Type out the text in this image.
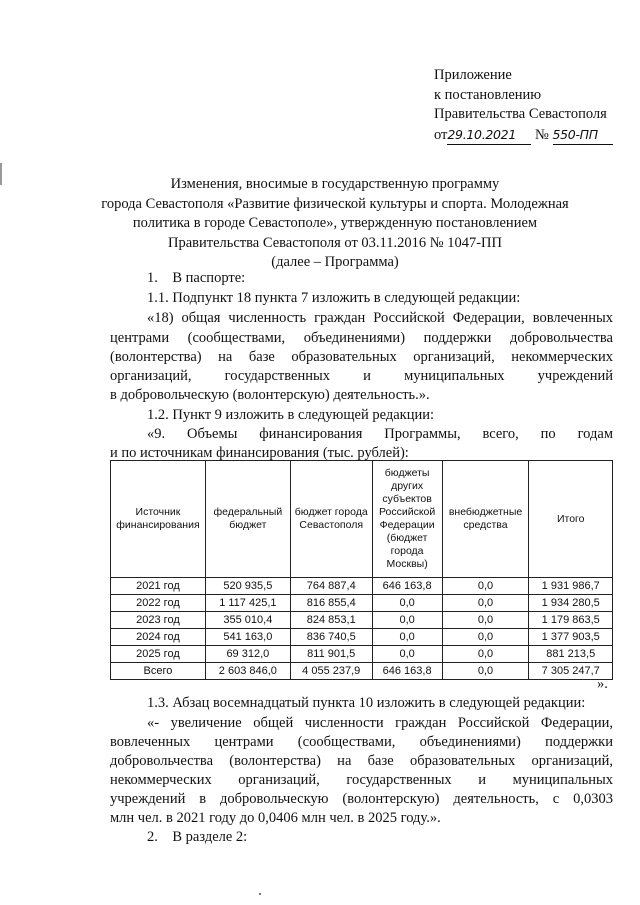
Приложение
к постановлению
Правительства Севастополя
от29.10.2021 № 550-ПП
Изменения, вносимые в государственную программу
города Севастополя «Развитие физической культуры и спорта. Молодежная
политика в городе Севастополе», утвержденную постановлением
Правительства Севастополя от 03.11.2016 № 1047-ПП
(далее – Программа)
1. В паспорте:
1.1. Подпункт 18 пункта 7 изложить в следующей редакции:
«18) общая численность граждан Российской Федерации, вовлеченных
центрами (сообществами, объединениями) поддержки добровольчества
(волонтерства) на базе образовательных организаций, некоммерческих
организаций, государственных и муниципальных учреждений
в добровольческую (волонтерскую) деятельность.».
1.2. Пункт 9 изложить в следующей редакции:
«9. Объемы финансирования Программы, всего, по годам
и по источникам финансирования (тыс. рублей):
Источник финансирования	федеральный бюджет	бюджет города Севастополя	бюджеты других субъектов Российской Федерации (бюджет города Москвы)	внебюджетные средства	Итого
2021 год	520 935,5	764 887,4	646 163,8	0,0	1 931 986,7
2022 год	1 117 425,1	816 855,4	0,0	0,0	1 934 280,5
2023 год	355 010,4	824 853,1	0,0	0,0	1 179 863,5
2024 год	541 163,0	836 740,5	0,0	0,0	1 377 903,5
2025 год	69 312,0	811 901,5	0,0	0,0	881 213,5
Всего	2 603 846,0	4 055 237,9	646 163,8	0,0	7 305 247,7
».
1.3. Абзац восемнадцатый пункта 10 изложить в следующей редакции:
«- увеличение общей численности граждан Российской Федерации,
вовлеченных центрами (сообществами, объединениями) поддержки
добровольчества (волонтерства) на базе образовательных организаций,
некоммерческих организаций, государственных и муниципальных
учреждений в добровольческую (волонтерскую) деятельность, с 0,0303
млн чел. в 2021 году до 0,0406 млн чел. в 2025 году.».
2. В разделе 2:
